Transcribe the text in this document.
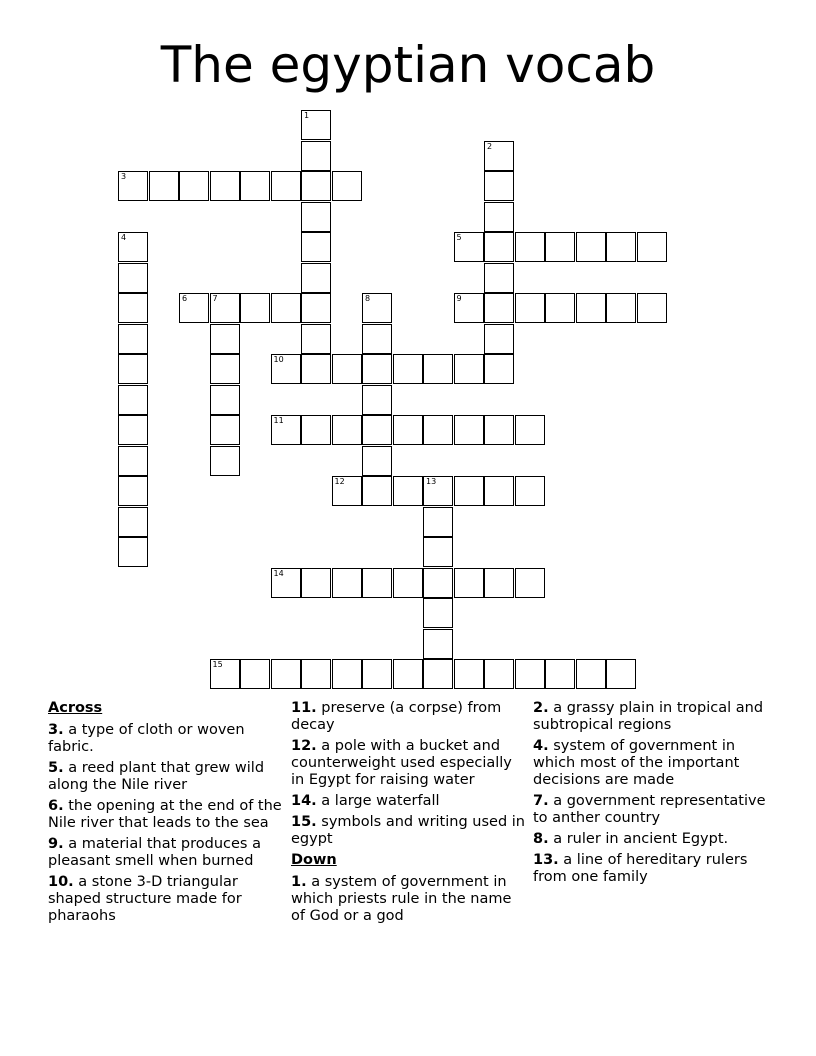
The egyptian vocab
1
2
3
4	5
6	7	8	9
10
11
12	13
14
15
Across
3. a type of cloth or woven fabric.
5. a reed plant that grew wild along the Nile river
6. the opening at the end of the Nile river that leads to the sea
9. a material that produces a pleasant smell when burned
10. a stone 3-D triangular shaped structure made for pharaohs
11. preserve (a corpse) from decay
12. a pole with a bucket and counterweight used especially in Egypt for raising water
14. a large waterfall
15. symbols and writing used in egypt
Down
1. a system of government in which priests rule in the name of God or a god
2. a grassy plain in tropical and subtropical regions
4. system of government in which most of the important decisions are made
7. a government representative to anther country
8. a ruler in ancient Egypt.
13. a line of hereditary rulers from one family
